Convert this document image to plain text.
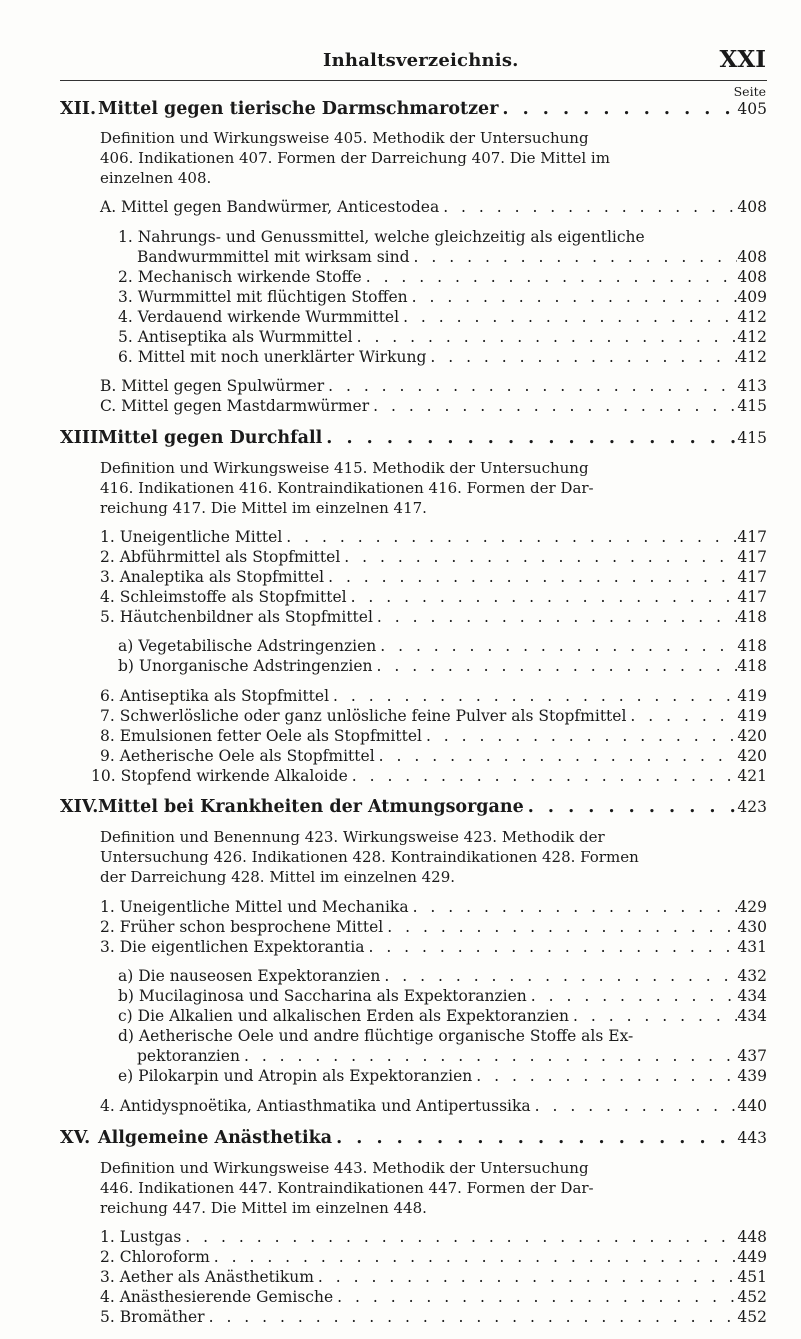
Inhaltsverzeichnis.	XXI
Seite
XII. Mittel gegen tierische Darmschmarotzer . . .	405
Definition und Wirkungsweise 405. Methodik der Untersuchung
406. Indikationen 407. Formen der Darreichung 407. Die Mittel im
einzelnen 408.
A. Mittel gegen Bandwürmer, Anticestodea . . .	408
1. Nahrungs- und Genussmittel, welche gleichzeitig als eigentliche
Bandwurmmittel mit wirksam sind . . .	408
2. Mechanisch wirkende Stoffe . . .	408
3. Wurmmittel mit flüchtigen Stoffen . . .	409
4. Verdauend wirkende Wurmmittel . . .	412
5. Antiseptika als Wurmmittel . . .	412
6. Mittel mit noch unerklärter Wirkung . . .	412
B. Mittel gegen Spulwürmer . . .	413
C. Mittel gegen Mastdarmwürmer . . .	415
XIII.Mittel gegen Durchfall . . .	415
Definition und Wirkungsweise 415. Methodik der Untersuchung
416. Indikationen 416. Kontraindikationen 416. Formen der Dar-
reichung 417. Die Mittel im einzelnen 417.
1. Uneigentliche Mittel . . .	417
2. Abführmittel als Stopfmittel . . .	417
3. Analeptika als Stopfmittel . . .	417
4. Schleimstoffe als Stopfmittel . . .	417
5. Häutchenbildner als Stopfmittel . . .	418
a) Vegetabilische Adstringenzien . . .	418
b) Unorganische Adstringenzien . . .	418
6. Antiseptika als Stopfmittel . . .	419
7. Schwerlösliche oder ganz unlösliche feine Pulver als Stopfmittel . . .	419
8. Emulsionen fetter Oele als Stopfmittel . . .	420
9. Aetherische Oele als Stopfmittel . . .	420
10. Stopfend wirkende Alkaloide . . .	421
XIV.Mittel bei Krankheiten der Atmungsorgane . . .	423
Definition und Benennung 423. Wirkungsweise 423. Methodik der
Untersuchung 426. Indikationen 428. Kontraindikationen 428. Formen
der Darreichung 428. Mittel im einzelnen 429.
1. Uneigentliche Mittel und Mechanika . . .	429
2. Früher schon besprochene Mittel . . .	430
3. Die eigentlichen Expektorantia . . .	431
a) Die nauseosen Expektoranzien . . .	432
b) Mucilaginosa und Saccharina als Expektoranzien . . .	434
c) Die Alkalien und alkalischen Erden als Expektoranzien . . .	434
d) Aetherische Oele und andre flüchtige organische Stoffe als Ex-
pektoranzien . . .	437
e) Pilokarpin und Atropin als Expektoranzien . . .	439
4. Antidyspnoëtika, Antiasthmatika und Antipertussika . . .	440
XV. Allgemeine Anästhetika . . .	443
Definition und Wirkungsweise 443. Methodik der Untersuchung
446. Indikationen 447. Kontraindikationen 447. Formen der Dar-
reichung 447. Die Mittel im einzelnen 448.
1. Lustgas . . .	448
2. Chloroform . . .	449
3. Aether als Anästhetikum . . .	451
4. Anästhesierende Gemische . . .	452
5. Bromäther . . .	452
